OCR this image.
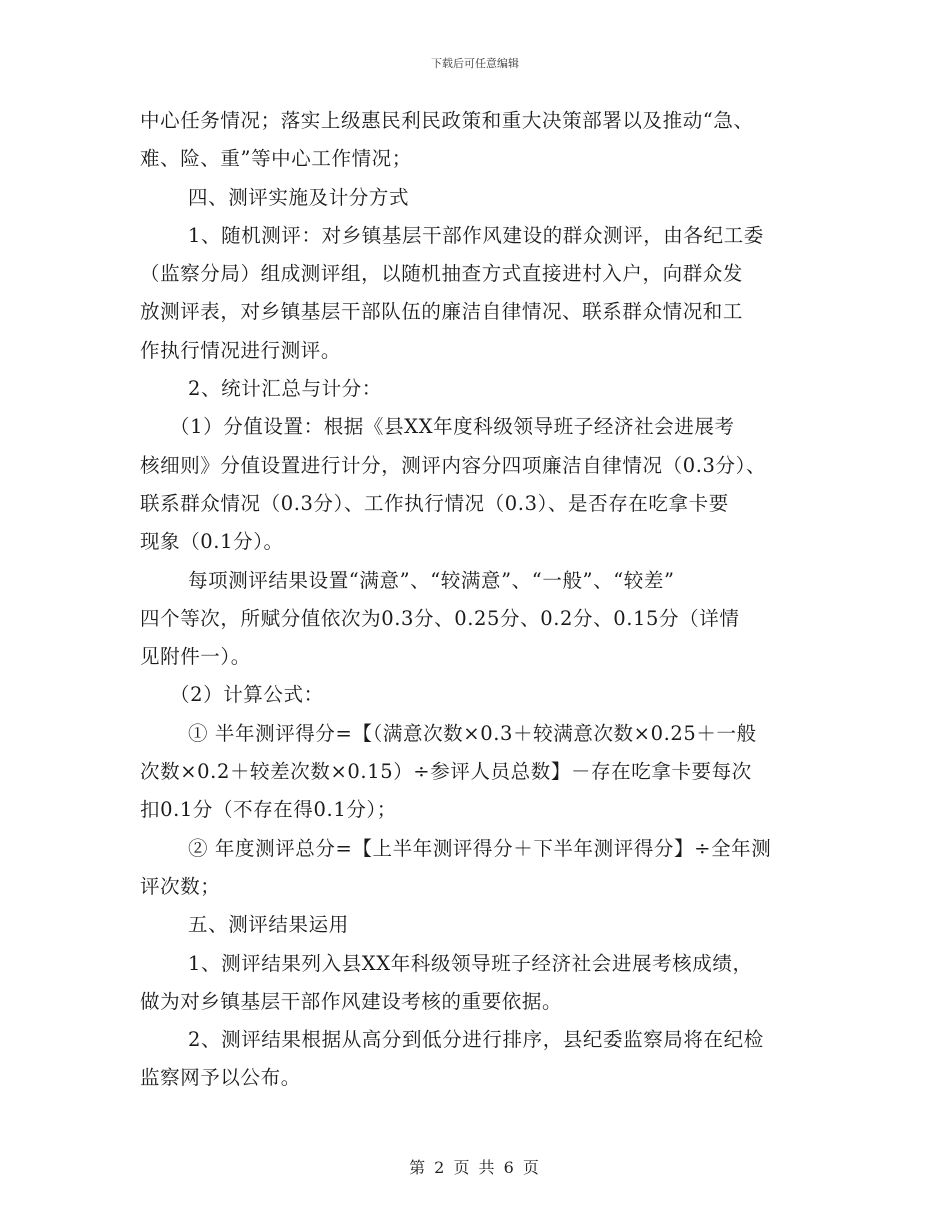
下载后可任意编辑
中心任务情况；落实上级惠民利民政策和重大决策部署以及推动“急、
难、险、重”等中心工作情况；
四、测评实施及计分方式
1、随机测评：对乡镇基层干部作风建设的群众测评，由各纪工委
（监察分局）组成测评组，以随机抽查方式直接进村入户，向群众发
放测评表，对乡镇基层干部队伍的廉洁自律情况、联系群众情况和工
作执行情况进行测评。
2、统计汇总与计分：
（1）分值设置：根据《县XX年度科级领导班子经济社会进展考
核细则》分值设置进行计分，测评内容分四项廉洁自律情况（0.3分）、
联系群众情况（0.3分）、工作执行情况（0.3）、是否存在吃拿卡要
现象（0.1分）。
每项测评结果设置“满意”、“较满意”、“一般”、“较差”
四个等次，所赋分值依次为0.3分、0.25分、0.2分、0.15分（详情
见附件一）。
（2）计算公式：
① 半年测评得分=【（满意次数×0.3＋较满意次数×0.25＋一般
次数×0.2＋较差次数×0.15）÷参评人员总数】－存在吃拿卡要每次
扣0.1分（不存在得0.1分）；
② 年度测评总分=【上半年测评得分＋下半年测评得分】÷全年测
评次数；
五、测评结果运用
1、测评结果列入县XX年科级领导班子经济社会进展考核成绩，
做为对乡镇基层干部作风建设考核的重要依据。
2、测评结果根据从高分到低分进行排序，县纪委监察局将在纪检
监察网予以公布。
第 2 页 共 6 页
